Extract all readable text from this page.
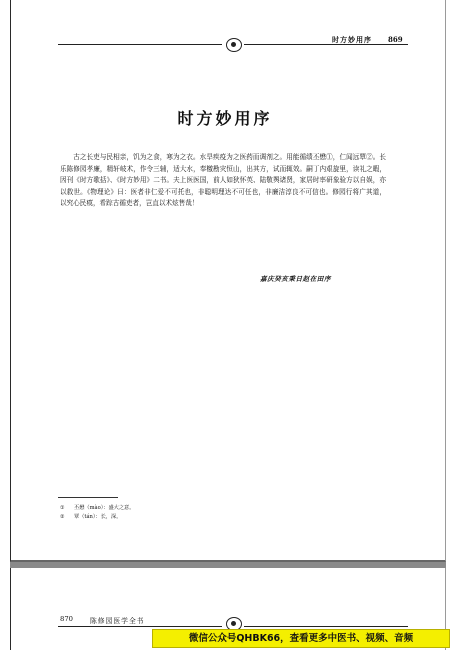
时方妙用序 869
时方妙用序

古之长吏与民相亲，饥为之食，寒为之衣。水旱疾疫为之医药而调剂之。用能循绩丕懋①，仁闻远覃②。长乐陈修园孝廉，精轩岐术，作令三辅，适大水，奉檄勘灾恒山，出其方，试而辄效。嗣丁内艰旋里，读礼之暇，因刊《时方歌括》、《时方妙用》二书。夫上医医国，前人如狄怀英、陆敬舆诸贤，家居时率研象验方以自娱，亦以救世。《物理论》曰：医者非仁爱不可托也，非聪明理达不可任也，非廉洁淳良不可信也。修园行将广其道，以究心民瘼，希踪古循吏者，岂直以术炫售哉！

嘉庆癸亥秉日赵在田序

① 丕懋（mào）：盛大之意。

② 覃（tán）：长，深。

870	陈修园医学全书
微信公众号QHBK66，查看更多中医书、视频、音频
